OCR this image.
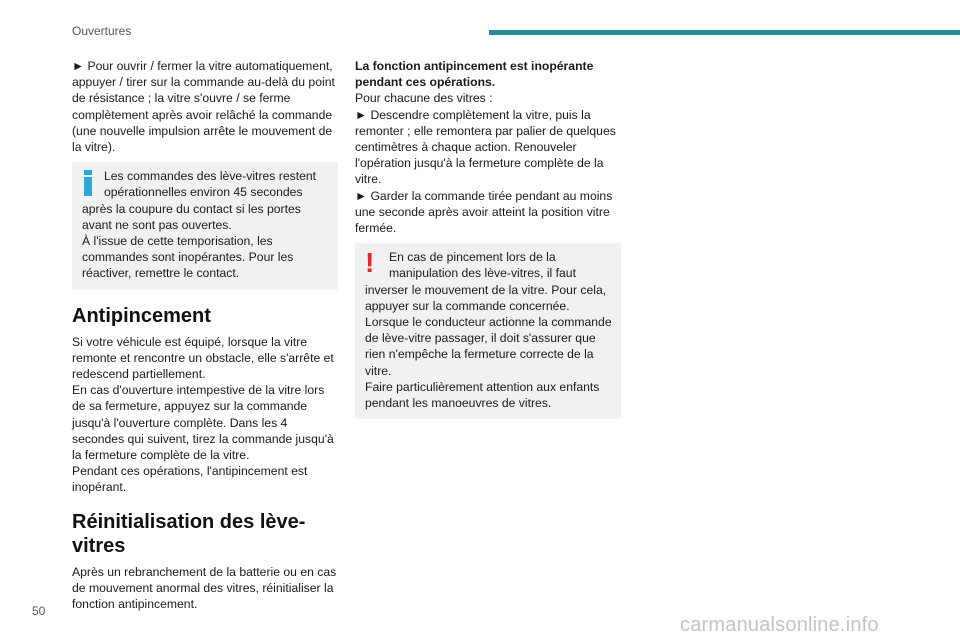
Ouvertures

► Pour ouvrir / fermer la vitre automatiquement, appuyer / tirer sur la commande au-delà du point de résistance ; la vitre s'ouvre / se ferme complètement après avoir relâché la commande (une nouvelle impulsion arrête le mouvement de la vitre).

Les commandes des lève-vitres restent opérationnelles environ 45 secondes après la coupure du contact si les portes avant ne sont pas ouvertes.

À l'issue de cette temporisation, les commandes sont inopérantes. Pour les réactiver, remettre le contact.

Antipincement

Si votre véhicule est équipé, lorsque la vitre remonte et rencontre un obstacle, elle s'arrête et redescend partiellement.

En cas d'ouverture intempestive de la vitre lors de sa fermeture, appuyez sur la commande jusqu'à l'ouverture complète. Dans les 4 secondes qui suivent, tirez la commande jusqu'à la fermeture complète de la vitre.

Pendant ces opérations, l'antipincement est inopérant.

Réinitialisation des lève-vitres

Après un rebranchement de la batterie ou en cas de mouvement anormal des vitres, réinitialiser la fonction antipincement.

La fonction antipincement est inopérante pendant ces opérations.

Pour chacune des vitres :

► Descendre complètement la vitre, puis la remonter ; elle remontera par palier de quelques centimètres à chaque action. Renouveler l'opération jusqu'à la fermeture complète de la vitre.

► Garder la commande tirée pendant au moins une seconde après avoir atteint la position vitre fermée.

!	En cas de pincement lors de la manipulation des lève-vitres, il faut inverser le mouvement de la vitre. Pour cela, appuyer sur la commande concernée.

Lorsque le conducteur actionne la commande de lève-vitre passager, il doit s'assurer que rien n'empêche la fermeture correcte de la vitre.

Faire particulièrement attention aux enfants pendant les manoeuvres de vitres.

50
carmanualsonline.info
